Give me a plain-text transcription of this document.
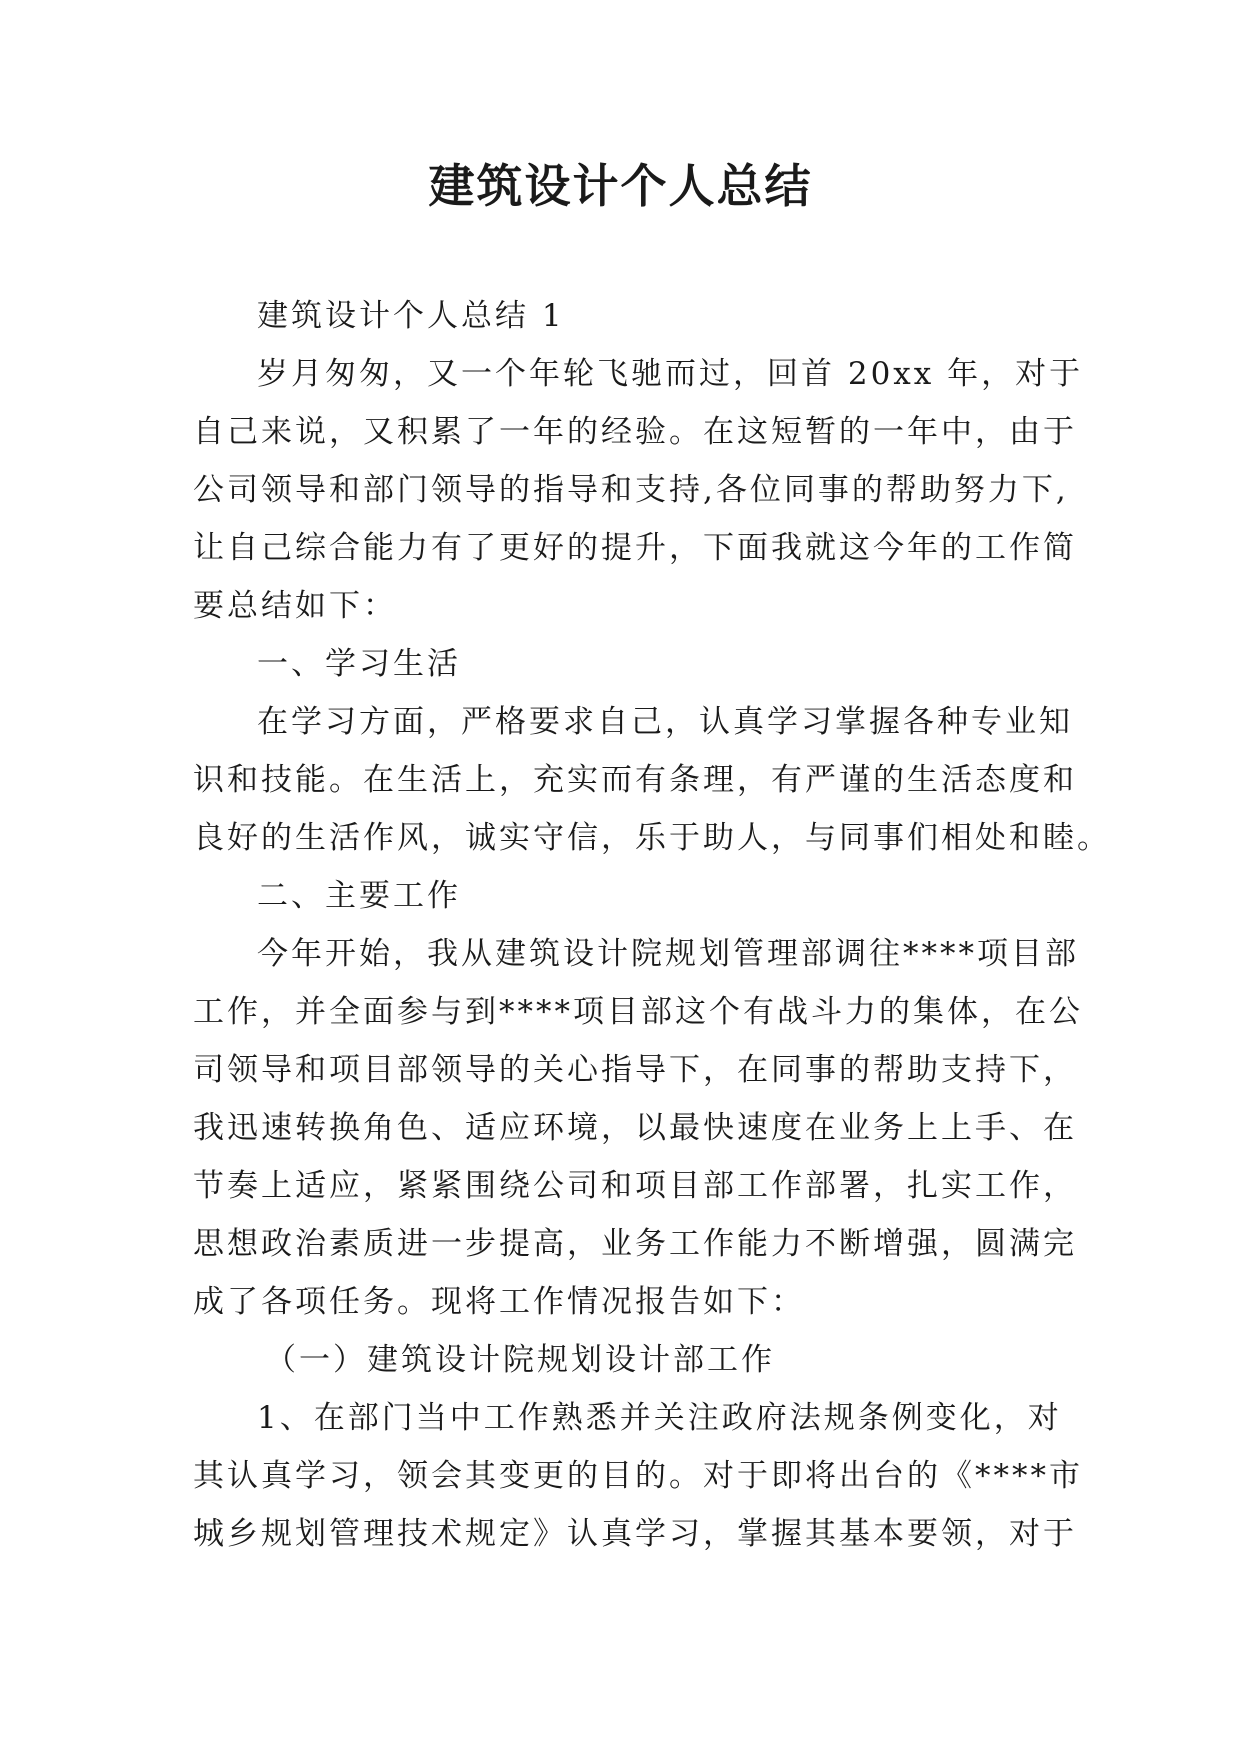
建筑设计个人总结
建筑设计个人总结 1
岁月匆匆，又一个年轮飞驰而过，回首 20xx 年，对于
自己来说，又积累了一年的经验。在这短暂的一年中，由于
公司领导和部门领导的指导和支持,各位同事的帮助努力下,
让自己综合能力有了更好的提升，下面我就这今年的工作简
要总结如下：
一、学习生活
在学习方面，严格要求自己，认真学习掌握各种专业知
识和技能。在生活上，充实而有条理，有严谨的生活态度和
良好的生活作风，诚实守信，乐于助人，与同事们相处和睦。
二、主要工作
今年开始，我从建筑设计院规划管理部调往****项目部
工作，并全面参与到****项目部这个有战斗力的集体，在公
司领导和项目部领导的关心指导下，在同事的帮助支持下，
我迅速转换角色、适应环境，以最快速度在业务上上手、在
节奏上适应，紧紧围绕公司和项目部工作部署，扎实工作，
思想政治素质进一步提高，业务工作能力不断增强，圆满完
成了各项任务。现将工作情况报告如下：
（一）建筑设计院规划设计部工作
1、在部门当中工作熟悉并关注政府法规条例变化，对
其认真学习，领会其变更的目的。对于即将出台的《****市
城乡规划管理技术规定》认真学习，掌握其基本要领，对于
